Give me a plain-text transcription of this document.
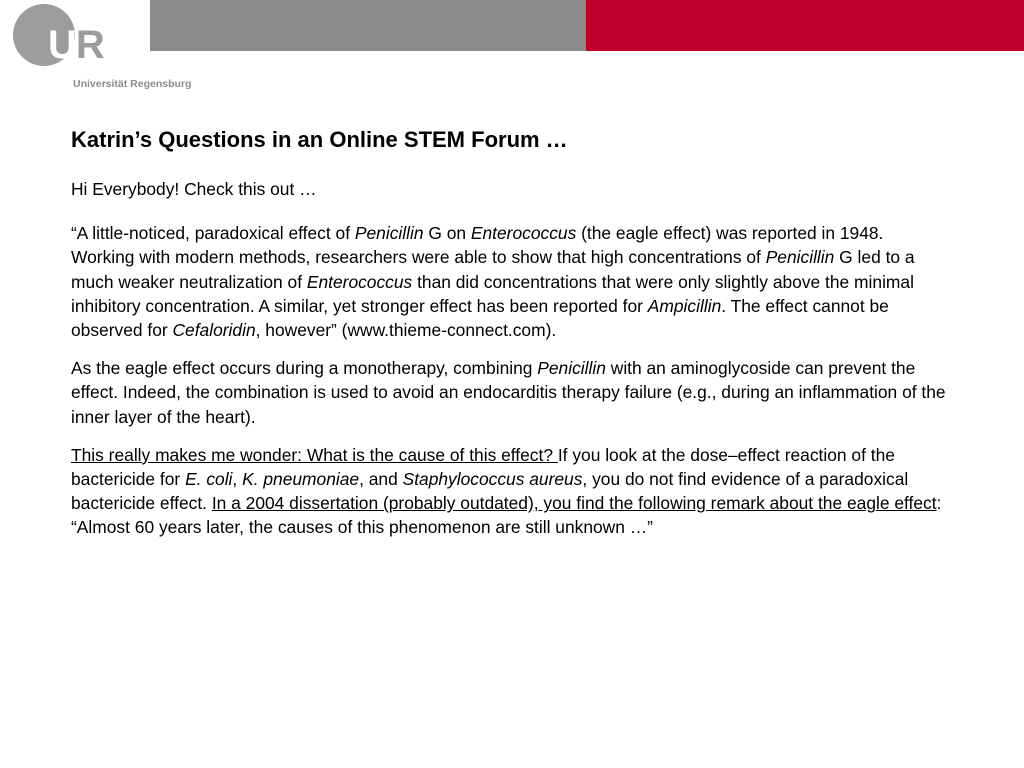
UR
Universität Regensburg
Katrin’s Questions in an Online STEM Forum …
Hi Everybody! Check this out …
“A little-noticed, paradoxical effect of Penicillin G on Enterococcus (the eagle effect) was reported in 1948. Working with modern methods, researchers were able to show that high concentrations of Penicillin G led to a much weaker neutralization of Enterococcus than did concentrations that were only slightly above the minimal inhibitory concentration. A similar, yet stronger effect has been reported for Ampicillin. The effect cannot be observed for Cefaloridin, however” (www.thieme-connect.com).
As the eagle effect occurs during a monotherapy, combining Penicillin with an aminoglycoside can prevent the effect. Indeed, the combination is used to avoid an endocarditis therapy failure (e.g., during an inflammation of the inner layer of the heart).
This really makes me wonder: What is the cause of this effect? If you look at the dose–effect reaction of the bactericide for E. coli, K. pneumoniae, and Staphylococcus aureus, you do not find evidence of a paradoxical bactericide effect. In a 2004 dissertation (probably outdated), you find the following remark about the eagle effect: “Almost 60 years later, the causes of this phenomenon are still unknown …”
